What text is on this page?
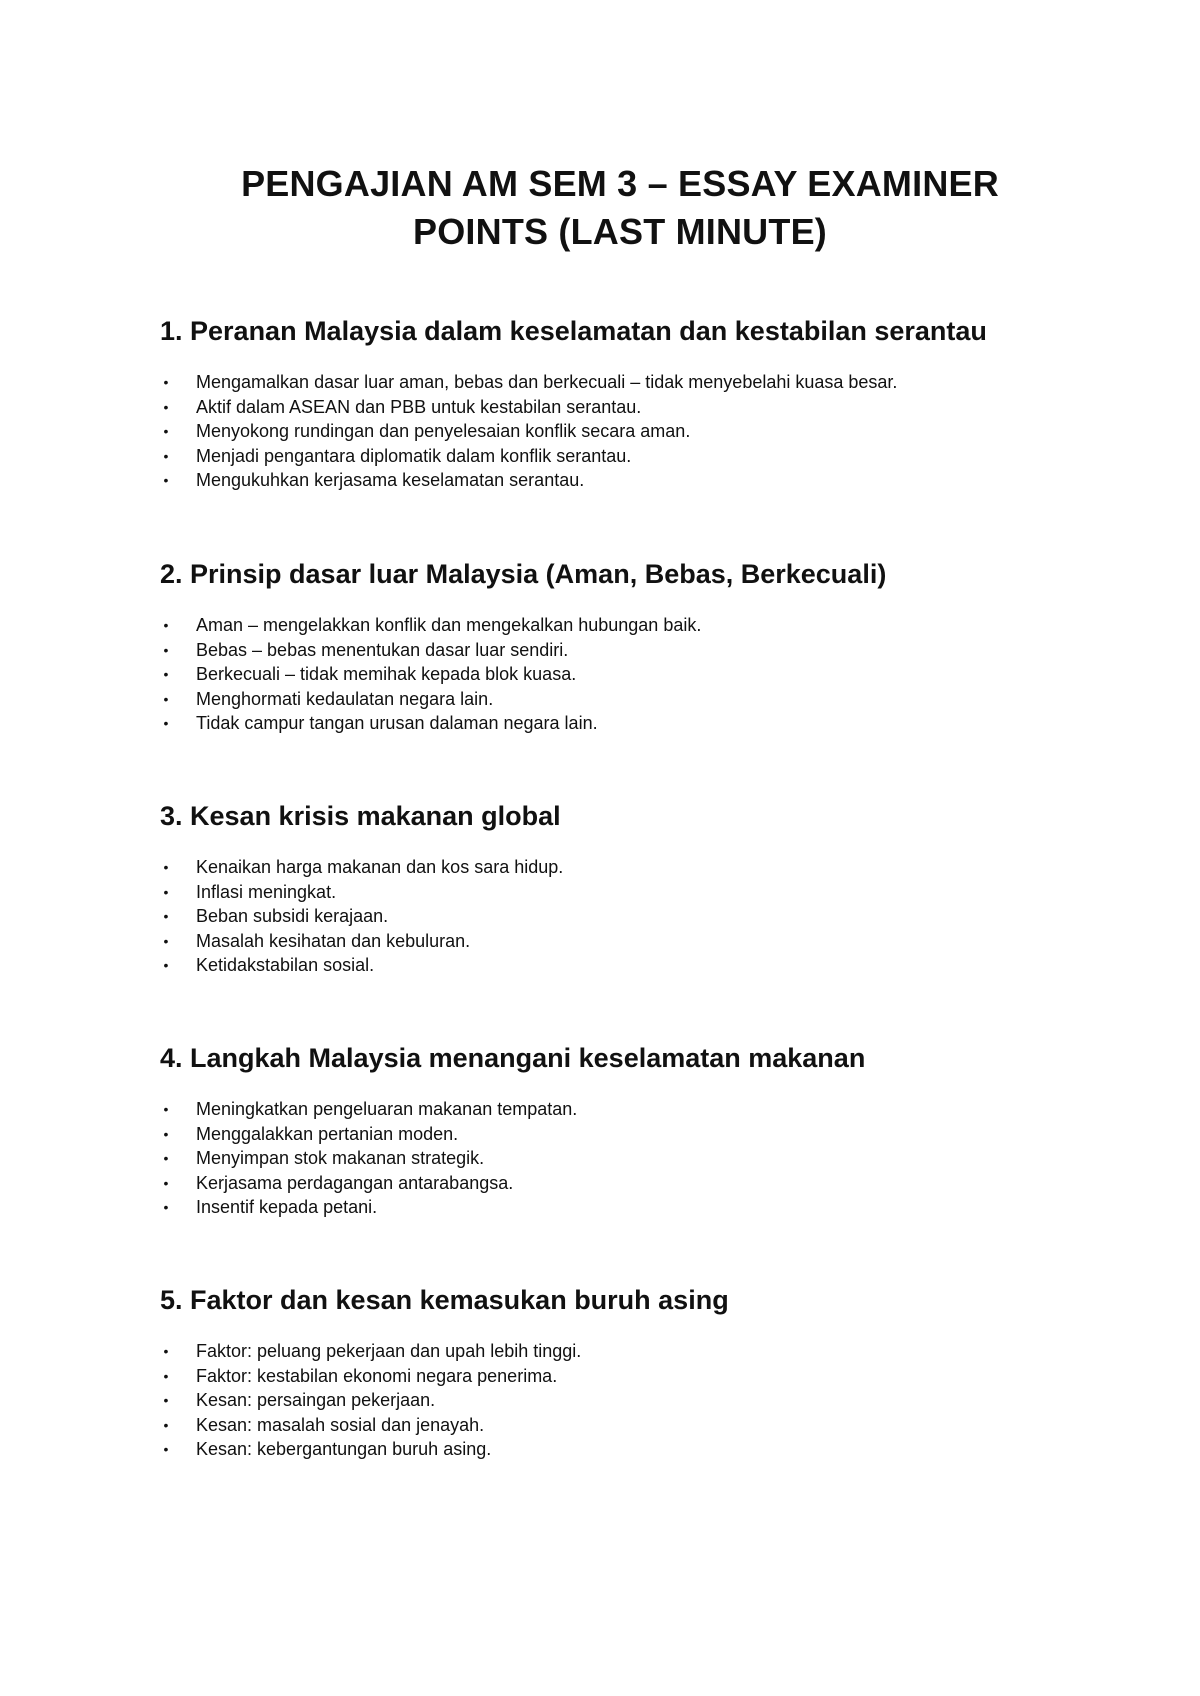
PENGAJIAN AM SEM 3 – ESSAY EXAMINER
POINTS (LAST MINUTE)
1. Peranan Malaysia dalam keselamatan dan kestabilan serantau
• Mengamalkan dasar luar aman, bebas dan berkecuali – tidak menyebelahi kuasa besar.
• Aktif dalam ASEAN dan PBB untuk kestabilan serantau.
• Menyokong rundingan dan penyelesaian konflik secara aman.
• Menjadi pengantara diplomatik dalam konflik serantau.
• Mengukuhkan kerjasama keselamatan serantau.
2. Prinsip dasar luar Malaysia (Aman, Bebas, Berkecuali)
• Aman – mengelakkan konflik dan mengekalkan hubungan baik.
• Bebas – bebas menentukan dasar luar sendiri.
• Berkecuali – tidak memihak kepada blok kuasa.
• Menghormati kedaulatan negara lain.
• Tidak campur tangan urusan dalaman negara lain.
3. Kesan krisis makanan global
• Kenaikan harga makanan dan kos sara hidup.
• Inflasi meningkat.
• Beban subsidi kerajaan.
• Masalah kesihatan dan kebuluran.
• Ketidakstabilan sosial.
4. Langkah Malaysia menangani keselamatan makanan
• Meningkatkan pengeluaran makanan tempatan.
• Menggalakkan pertanian moden.
• Menyimpan stok makanan strategik.
• Kerjasama perdagangan antarabangsa.
• Insentif kepada petani.
5. Faktor dan kesan kemasukan buruh asing
• Faktor: peluang pekerjaan dan upah lebih tinggi.
• Faktor: kestabilan ekonomi negara penerima.
• Kesan: persaingan pekerjaan.
• Kesan: masalah sosial dan jenayah.
• Kesan: kebergantungan buruh asing.
